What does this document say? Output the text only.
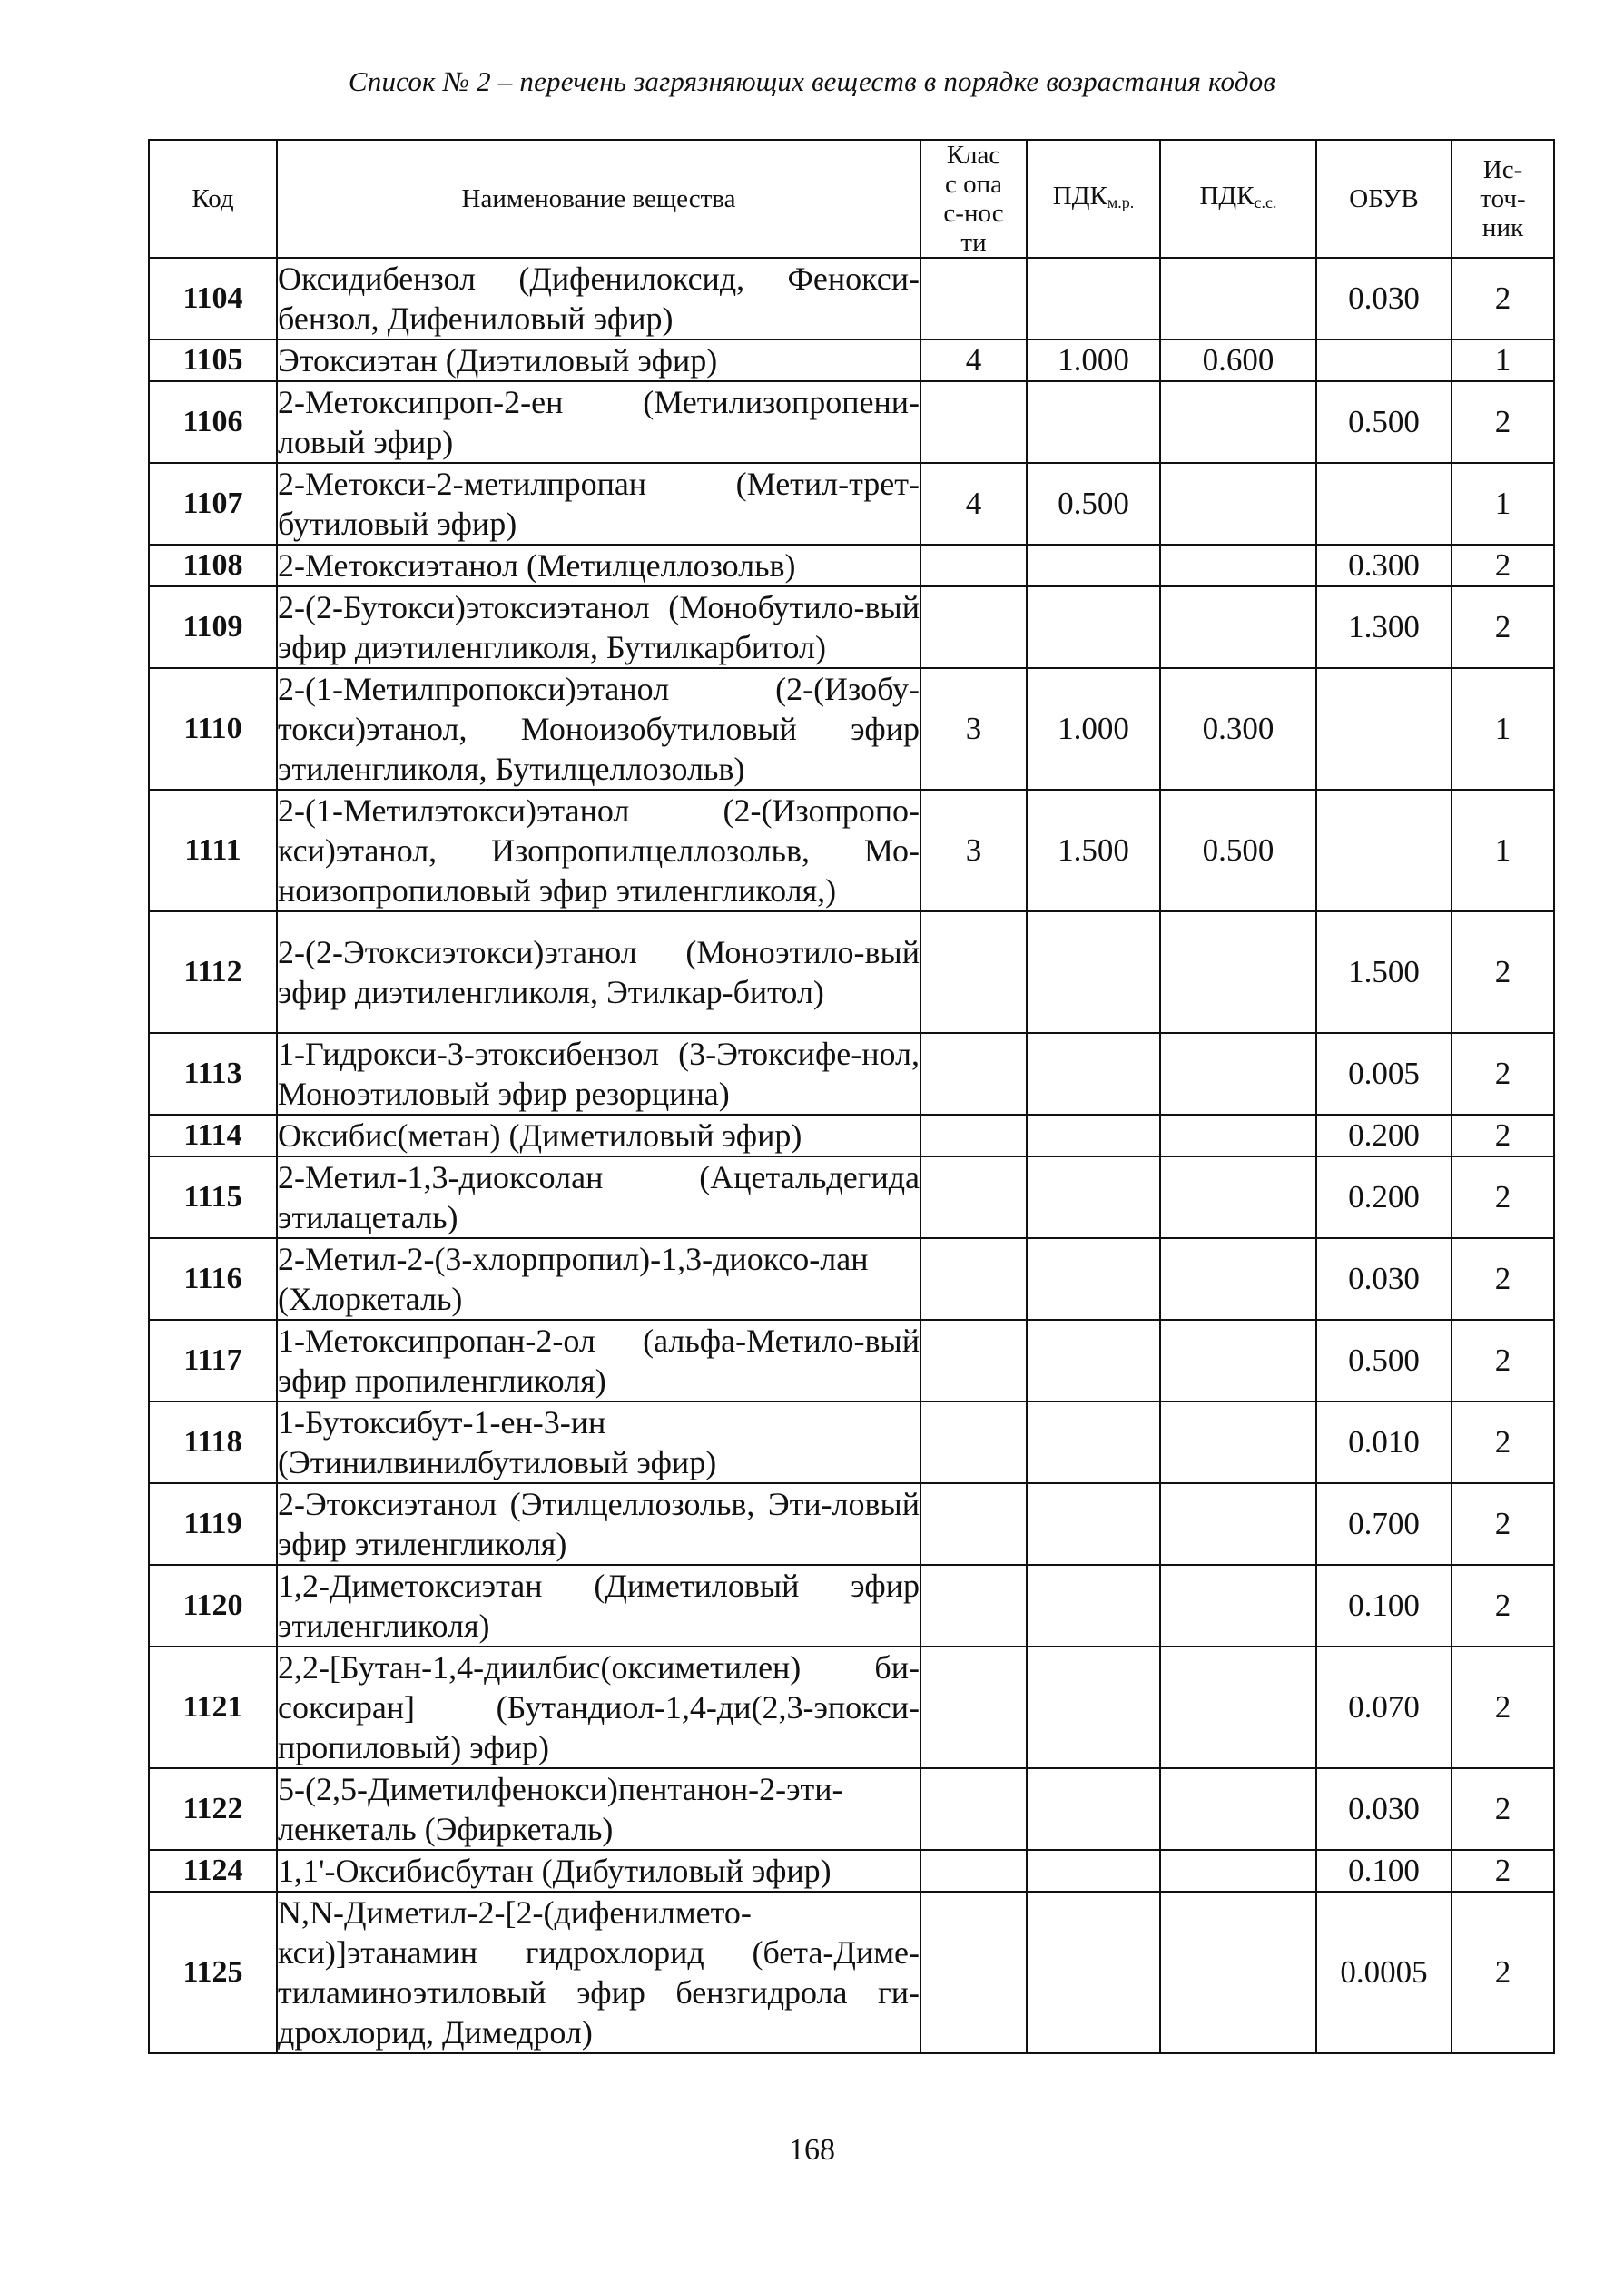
Список № 2 – перечень загрязняющих веществ в порядке возрастания кодов
Код	Наименование вещества	Класс опас-ности	$ПДК_{м.р.}$	$ПДК_{с.с.}$	ОБУВ	Ис-точ-ник
1104	Оксидибензол (Дифенилоксид, Фенокси-бензол, Дифениловый эфир)				0.030	2
1105	Этоксиэтан (Диэтиловый эфир)	4	1.000	0.600		1
1106	2-Метоксипроп-2-ен (Метилизопропени-ловый эфир)				0.500	2
1107	2-Метокси-2-метилпропан (Метил-трет-бутиловый эфир)	4	0.500			1
1108	2-Метоксиэтанол (Метилцеллозольв)				0.300	2
1109	2-(2-Бутокси)этоксиэтанол (Монобутило-вый эфир диэтиленгликоля, Бутилкарбитол)				1.300	2
1110	2-(1-Метилпропокси)этанол (2-(Изобу-токси)этанол, Моноизобутиловый эфир этиленгликоля, Бутилцеллозольв)	3	1.000	0.300		1
1111	2-(1-Метилэтокси)этанол (2-(Изопропо-кси)этанол, Изопропилцеллозольв, Мо-ноизопропиловый эфир этиленгликоля,)	3	1.500	0.500		1
1112	2-(2-Этоксиэтокси)этанол (Моноэтило-вый эфир диэтиленгликоля, Этилкар-битол)				1.500	2
1113	1-Гидрокси-3-этоксибензол (3-Этоксифе-нол, Моноэтиловый эфир резорцина)				0.005	2
1114	Оксибис(метан) (Диметиловый эфир)				0.200	2
1115	2-Метил-1,3-диоксолан (Ацетальдегида этилацеталь)				0.200	2
1116	2-Метил-2-(3-хлорпропил)-1,3-диоксо-лан (Хлоркеталь)				0.030	2
1117	1-Метоксипропан-2-ол (альфа-Метило-вый эфир пропиленгликоля)				0.500	2
1118	1-Бутоксибут-1-ен-3-ин (Этинилвинилбутиловый эфир)				0.010	2
1119	2-Этоксиэтанол (Этилцеллозольв, Эти-ловый эфир этиленгликоля)				0.700	2
1120	1,2-Диметоксиэтан (Диметиловый эфир этиленгликоля)				0.100	2
1121	2,2-[Бутан-1,4-диилбис(оксиметилен) би-соксиран] (Бутандиол-1,4-ди(2,3-эпокси-пропиловый) эфир)				0.070	2
1122	5-(2,5-Диметилфенокси)пентанон-2-эти-ленкеталь (Эфиркеталь)				0.030	2
1124	1,1'-Оксибисбутан (Дибутиловый эфир)				0.100	2
1125	N,N-Диметил-2-[2-(дифенилмето-кси)]этанамин гидрохлорид (бета-Диме-тиламиноэтиловый эфир бензгидрола ги-дрохлорид, Димедрол)				0.0005	2
168
